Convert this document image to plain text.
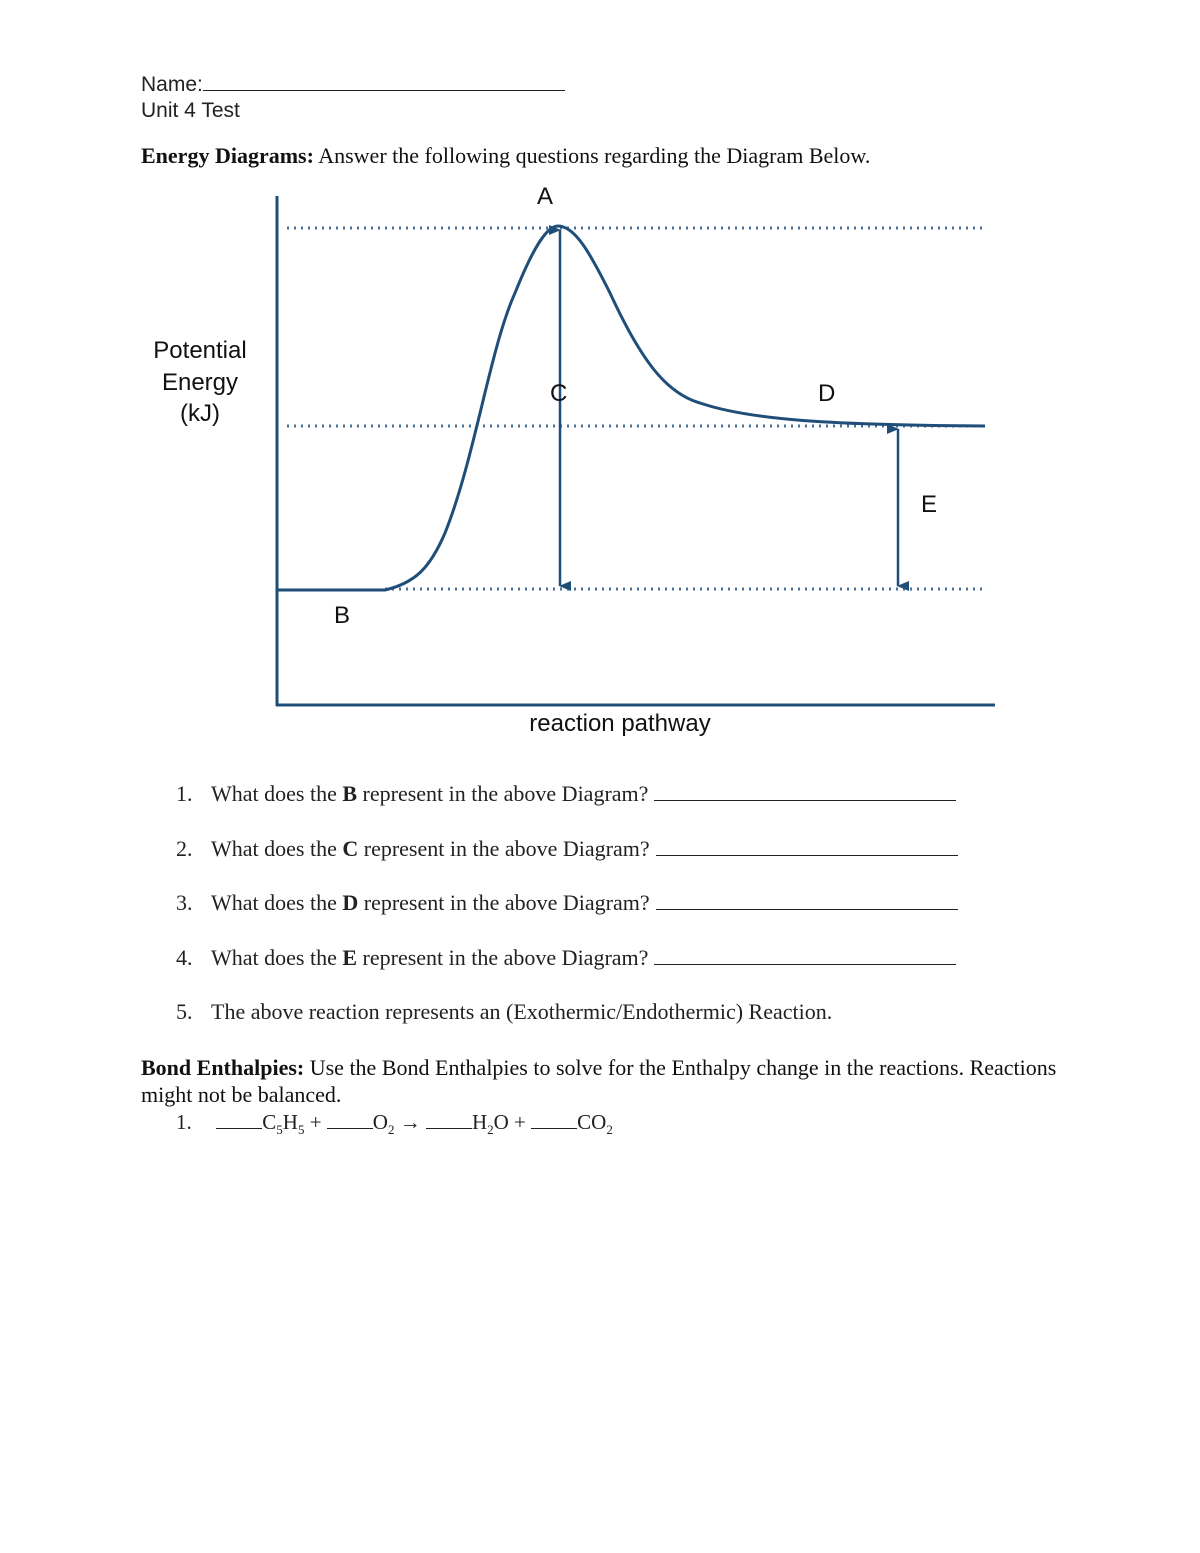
Name:
Unit 4 Test
Energy Diagrams: Answer the following questions regarding the Diagram Below.
A
B
C	D
E
Potential
Energy
(kJ)
reaction pathway
1. What does the B represent in the above Diagram?
2. What does the C represent in the above Diagram?
3. What does the D represent in the above Diagram?
4. What does the E represent in the above Diagram?
5. The above reaction represents an (Exothermic/Endothermic) Reaction.
Bond Enthalpies: Use the Bond Enthalpies to solve for the Enthalpy change in the reactions. Reactions might not be balanced.
1.	$C_5H_5 + O_2 \to H_2O + CO_2$
